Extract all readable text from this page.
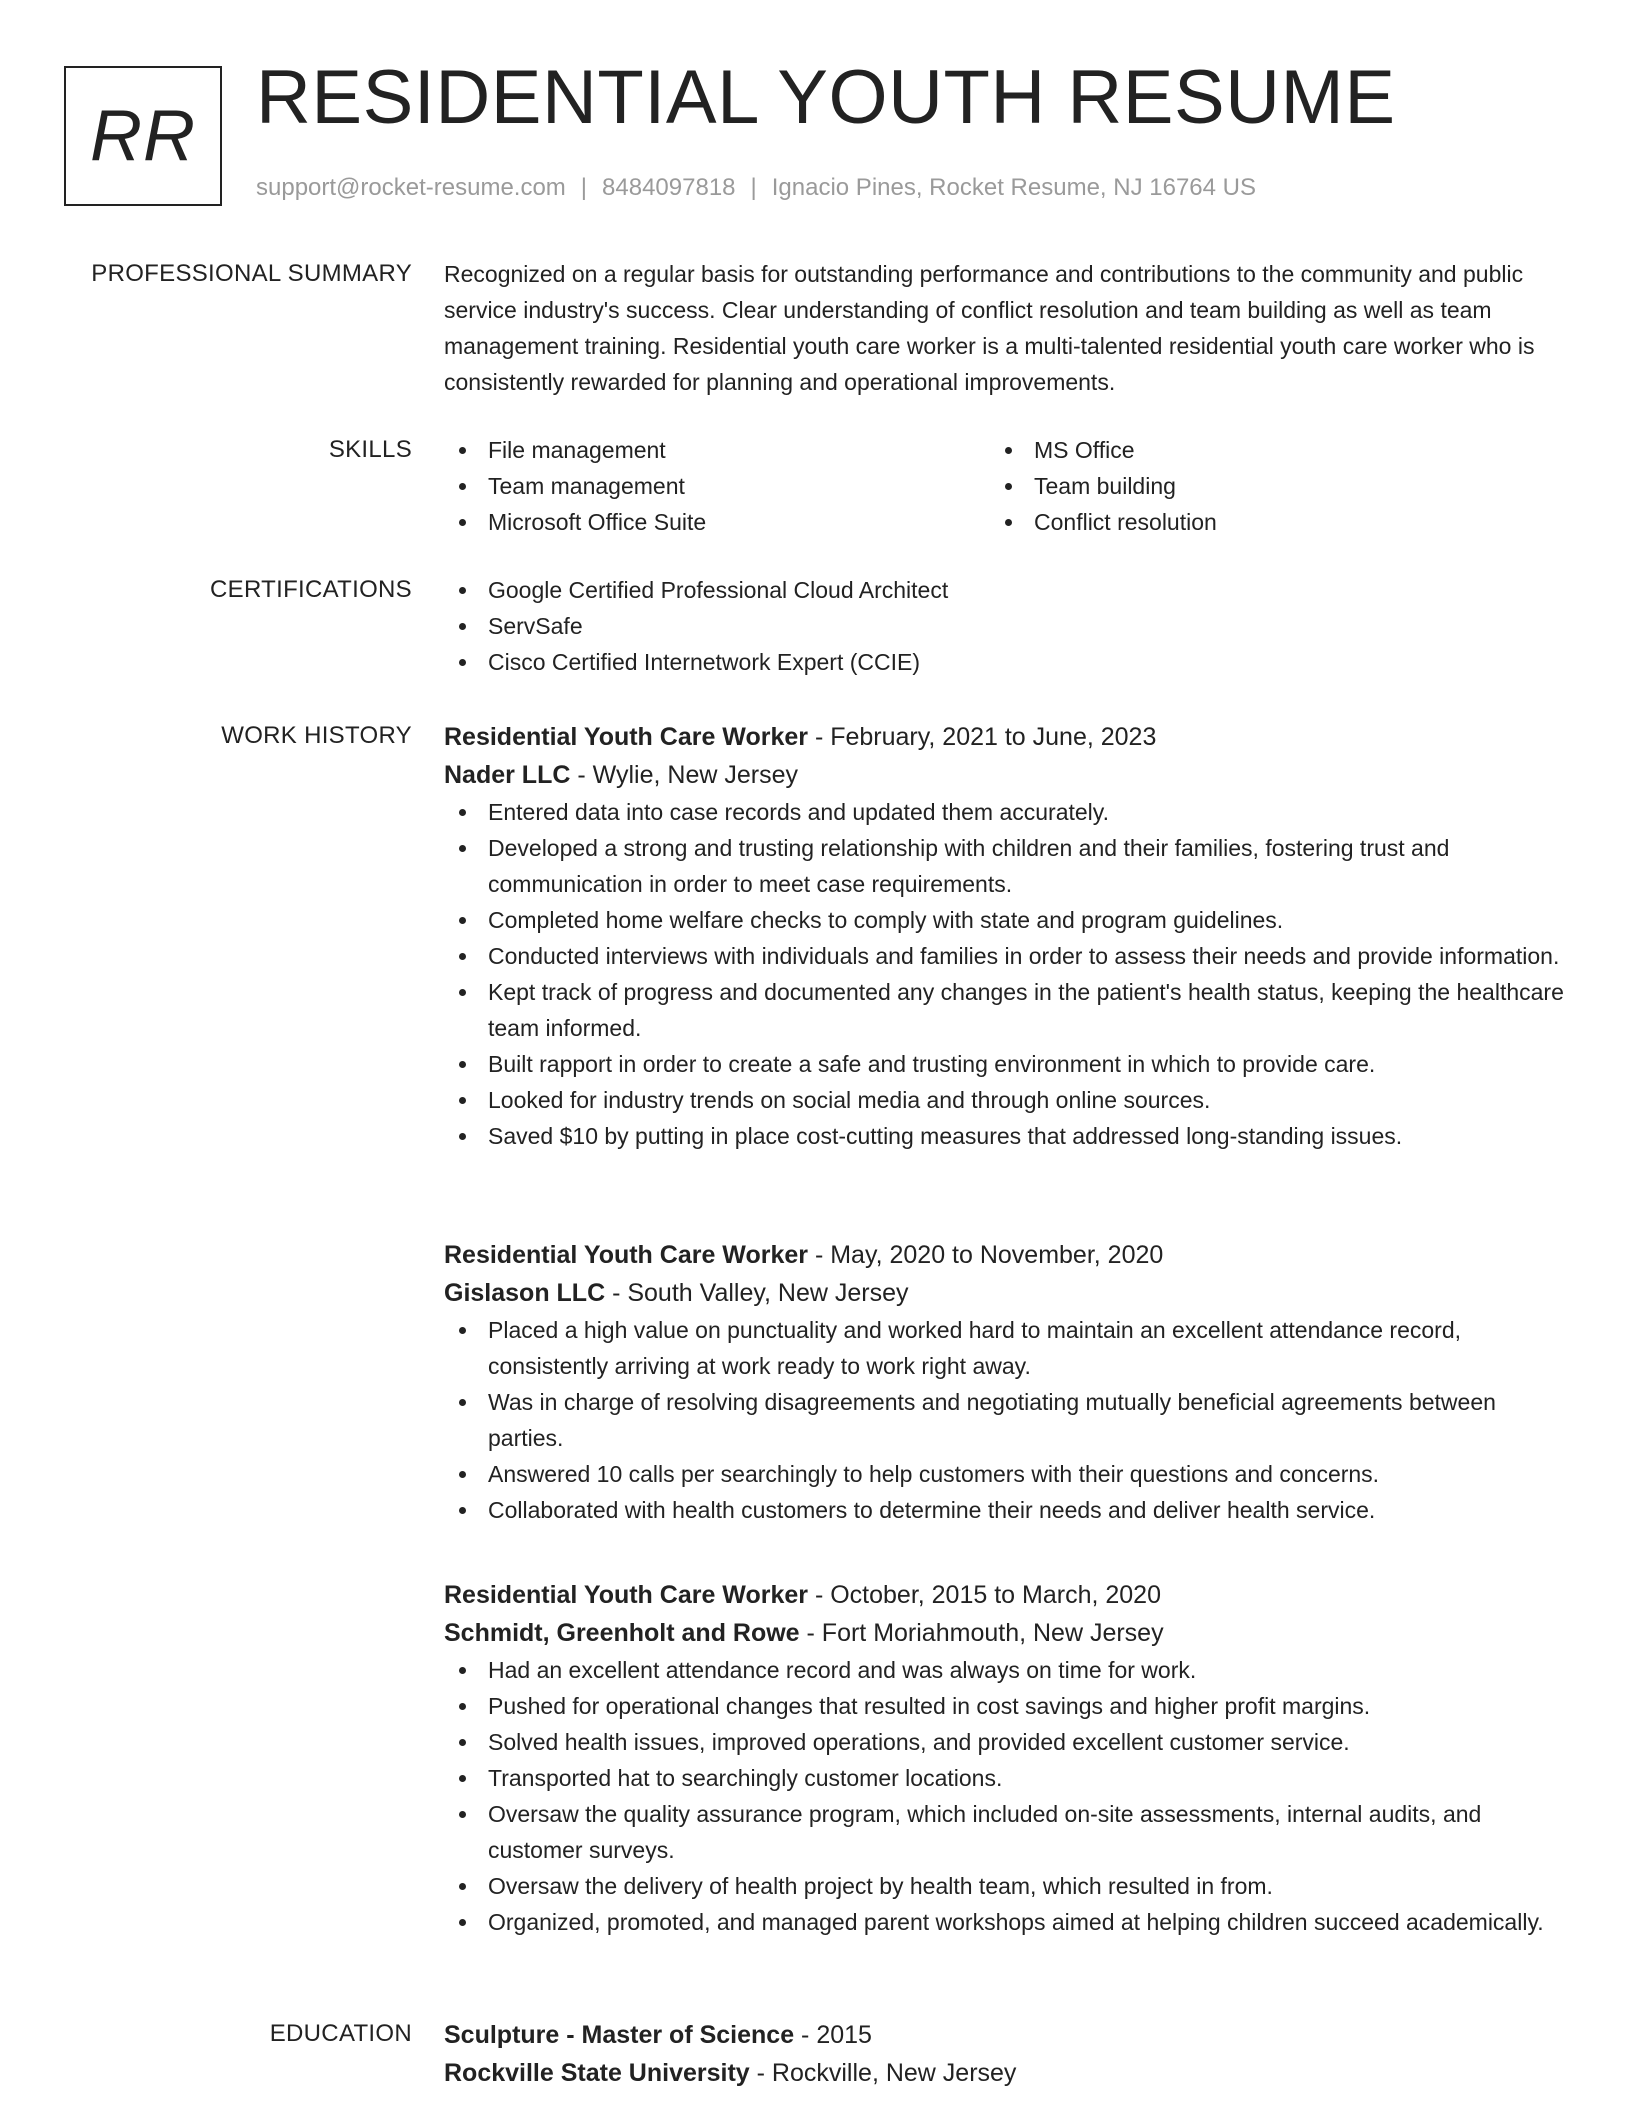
RR RESIDENTIAL YOUTH RESUME
support@rocket-resume.com | 8484097818 | Ignacio Pines, Rocket Resume, NJ 16764 US
PROFESSIONAL SUMMARY Recognized on a regular basis for outstanding performance and contributions to the community and public service industry's success. Clear understanding of conflict resolution and team building as well as team management training. Residential youth care worker is a multi-talented residential youth care worker who is consistently rewarded for planning and operational improvements.

SKILLS	File management	MS Office
Team management	Team building
Microsoft Office Suite	Conflict resolution
CERTIFICATIONS	Google Certified Professional Cloud Architect
ServSafe
Cisco Certified Internetwork Expert (CCIE)
WORK HISTORY Residential Youth Care Worker - February, 2021 to June, 2023
Nader LLC - Wylie, New Jersey
Entered data into case records and updated them accurately.
Developed a strong and trusting relationship with children and their families, fostering trust and communication in order to meet case requirements.
Completed home welfare checks to comply with state and program guidelines.
Conducted interviews with individuals and families in order to assess their needs and provide information.
Kept track of progress and documented any changes in the patient's health status, keeping the healthcare team informed.
Built rapport in order to create a safe and trusting environment in which to provide care.
Looked for industry trends on social media and through online sources.
Saved $10 by putting in place cost-cutting measures that addressed long-standing issues.
Residential Youth Care Worker - May, 2020 to November, 2020
Gislason LLC - South Valley, New Jersey
Placed a high value on punctuality and worked hard to maintain an excellent attendance record, consistently arriving at work ready to work right away.
Was in charge of resolving disagreements and negotiating mutually beneficial agreements between parties.
Answered 10 calls per searchingly to help customers with their questions and concerns.
Collaborated with health customers to determine their needs and deliver health service.
Residential Youth Care Worker - October, 2015 to March, 2020
Schmidt, Greenholt and Rowe - Fort Moriahmouth, New Jersey
Had an excellent attendance record and was always on time for work.
Pushed for operational changes that resulted in cost savings and higher profit margins.
Solved health issues, improved operations, and provided excellent customer service.
Transported hat to searchingly customer locations.
Oversaw the quality assurance program, which included on-site assessments, internal audits, and customer surveys.
Oversaw the delivery of health project by health team, which resulted in from.
Organized, promoted, and managed parent workshops aimed at helping children succeed academically.
EDUCATION Sculpture - Master of Science - 2015
Rockville State University - Rockville, New Jersey
